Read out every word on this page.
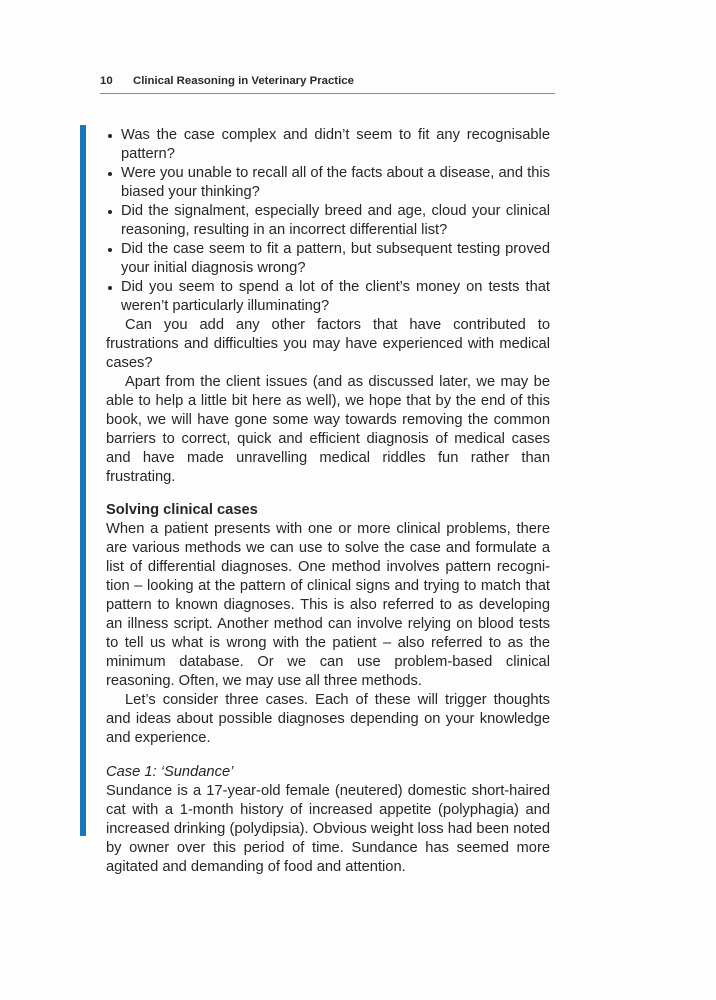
10 Clinical Reasoning in Veterinary Practice
Was the case complex and didn’t seem to fit any recognisable pattern?
Were you unable to recall all of the facts about a disease, and this biased your thinking?
Did the signalment, especially breed and age, cloud your clinical reasoning, resulting in an incorrect differential list?
Did the case seem to fit a pattern, but subsequent testing proved your initial diagnosis wrong?
Did you seem to spend a lot of the client’s money on tests that weren’t particularly illuminating?

Can you add any other factors that have contributed to frustrations and difficulties you may have experienced with medical cases?

Apart from the client issues (and as discussed later, we may be able to help a little bit here as well), we hope that by the end of this book, we will have gone some way towards removing the common barriers to correct, quick and efficient diagnosis of medical cases and have made unravelling medical riddles fun rather than frustrating.

Solving clinical cases

When a patient presents with one or more clinical problems, there are various methods we can use to solve the case and formulate a list of differential diagnoses. One method involves pattern recognition – looking at the pattern of clinical signs and trying to match that pattern to known diagnoses. This is also referred to as developing an illness script. Another method can involve relying on blood tests to tell us what is wrong with the patient – also referred to as the minimum database. Or we can use problem-based clinical reasoning. Often, we may use all three methods.

Let’s consider three cases. Each of these will trigger thoughts and ideas about possible diagnoses depending on your knowledge and experience.

Case 1: ‘Sundance’

Sundance is a 17-year-old female (neutered) domestic short-haired cat with a 1-month history of increased appetite (polyphagia) and increased drinking (polydipsia). Obvious weight loss had been noted by owner over this period of time. Sundance has seemed more agitated and demanding of food and attention.
